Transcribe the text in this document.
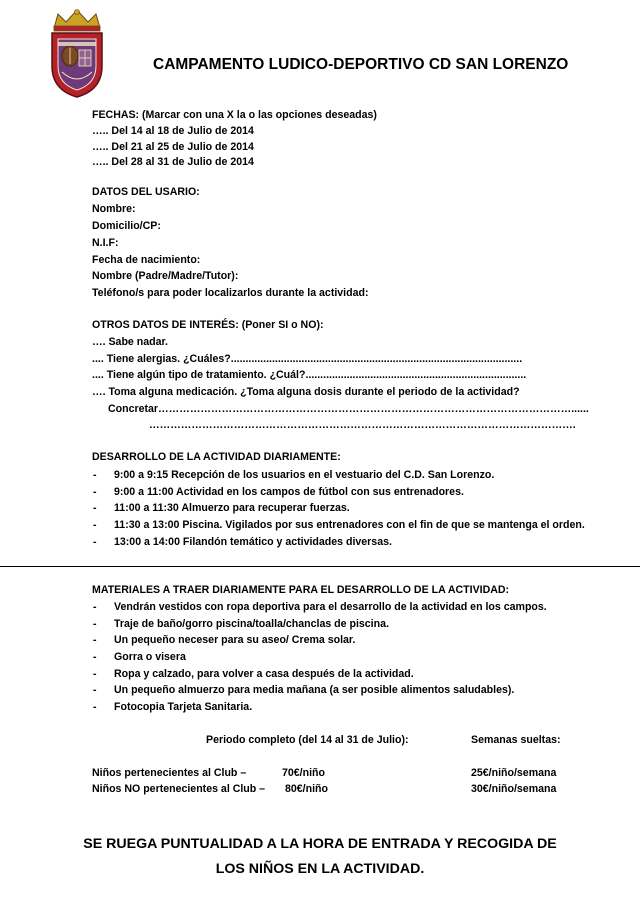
CAMPAMENTO LUDICO-DEPORTIVO CD SAN LORENZO
FECHAS: (Marcar con una X la o las opciones deseadas)
….. Del 14 al 18 de Julio de 2014
….. Del 21 al 25 de Julio de 2014
….. Del 28 al 31 de Julio de 2014
DATOS DEL USARIO:
Nombre:
Domicilio/CP:
N.I.F:
Fecha de nacimiento:
Nombre (Padre/Madre/Tutor):
Teléfono/s para poder localizarlos durante la actividad:
OTROS DATOS DE INTERÉS: (Poner SI o NO):
…. Sabe nadar.
.... Tiene alergias. ¿Cuáles?...................................................................................................
.... Tiene algún tipo de tratamiento. ¿Cuál?...........................................................................
…. Toma alguna medicación. ¿Toma alguna dosis durante el periodo de la actividad?
Concretar………………………………………………………………………………………………………......
………………………………………………………………………………………………………….
DESARROLLO DE LA ACTIVIDAD DIARIAMENTE:
- 9:00 a 9:15 Recepción de los usuarios en el vestuario del C.D. San Lorenzo.
- 9:00 a 11:00 Actividad en los campos de fútbol con sus entrenadores.
- 11:00 a 11:30 Almuerzo para recuperar fuerzas.
- 11:30 a 13:00 Piscina. Vigilados por sus entrenadores con el fin de que se mantenga el orden.
- 13:00 a 14:00 Filandón temático y actividades diversas.
MATERIALES A TRAER DIARIAMENTE PARA EL DESARROLLO DE LA ACTIVIDAD:
- Vendrán vestidos con ropa deportiva para el desarrollo de la actividad en los campos.
- Traje de baño/gorro piscina/toalla/chanclas de piscina.
- Un pequeño neceser para su aseo/ Crema solar.
- Gorra o visera
- Ropa y calzado, para volver a casa después de la actividad.
- Un pequeño almuerzo para media mañana (a ser posible alimentos saludables).
- Fotocopia Tarjeta Sanitaria.
Periodo completo (del 14 al 31 de Julio):	Semanas sueltas:
Niños pertenecientes al Club –	70€/niño	25€/niño/semana
Niños NO pertenecientes al Club – 80€/niño	30€/niño/semana
SE RUEGA PUNTUALIDAD A LA HORA DE ENTRADA Y RECOGIDA DE
LOS NIÑOS EN LA ACTIVIDAD.
